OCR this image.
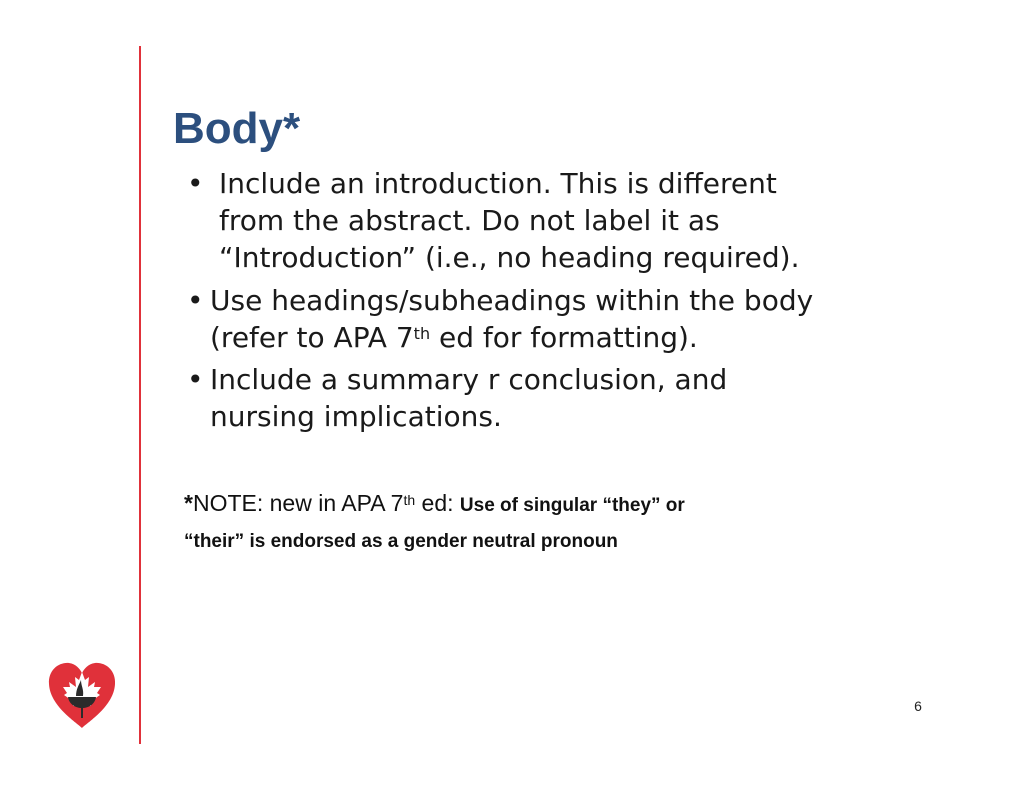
Body*
• Include an introduction. This is different
from the abstract. Do not label it as
“Introduction” (i.e., no heading required).
• Use headings/subheadings within the body
(refer to APA 7th ed for formatting).
• Include a summary r conclusion, and
nursing implications.
*NOTE: new in APA 7th ed: Use of singular “they” or
“their” is endorsed as a gender neutral pronoun
6
